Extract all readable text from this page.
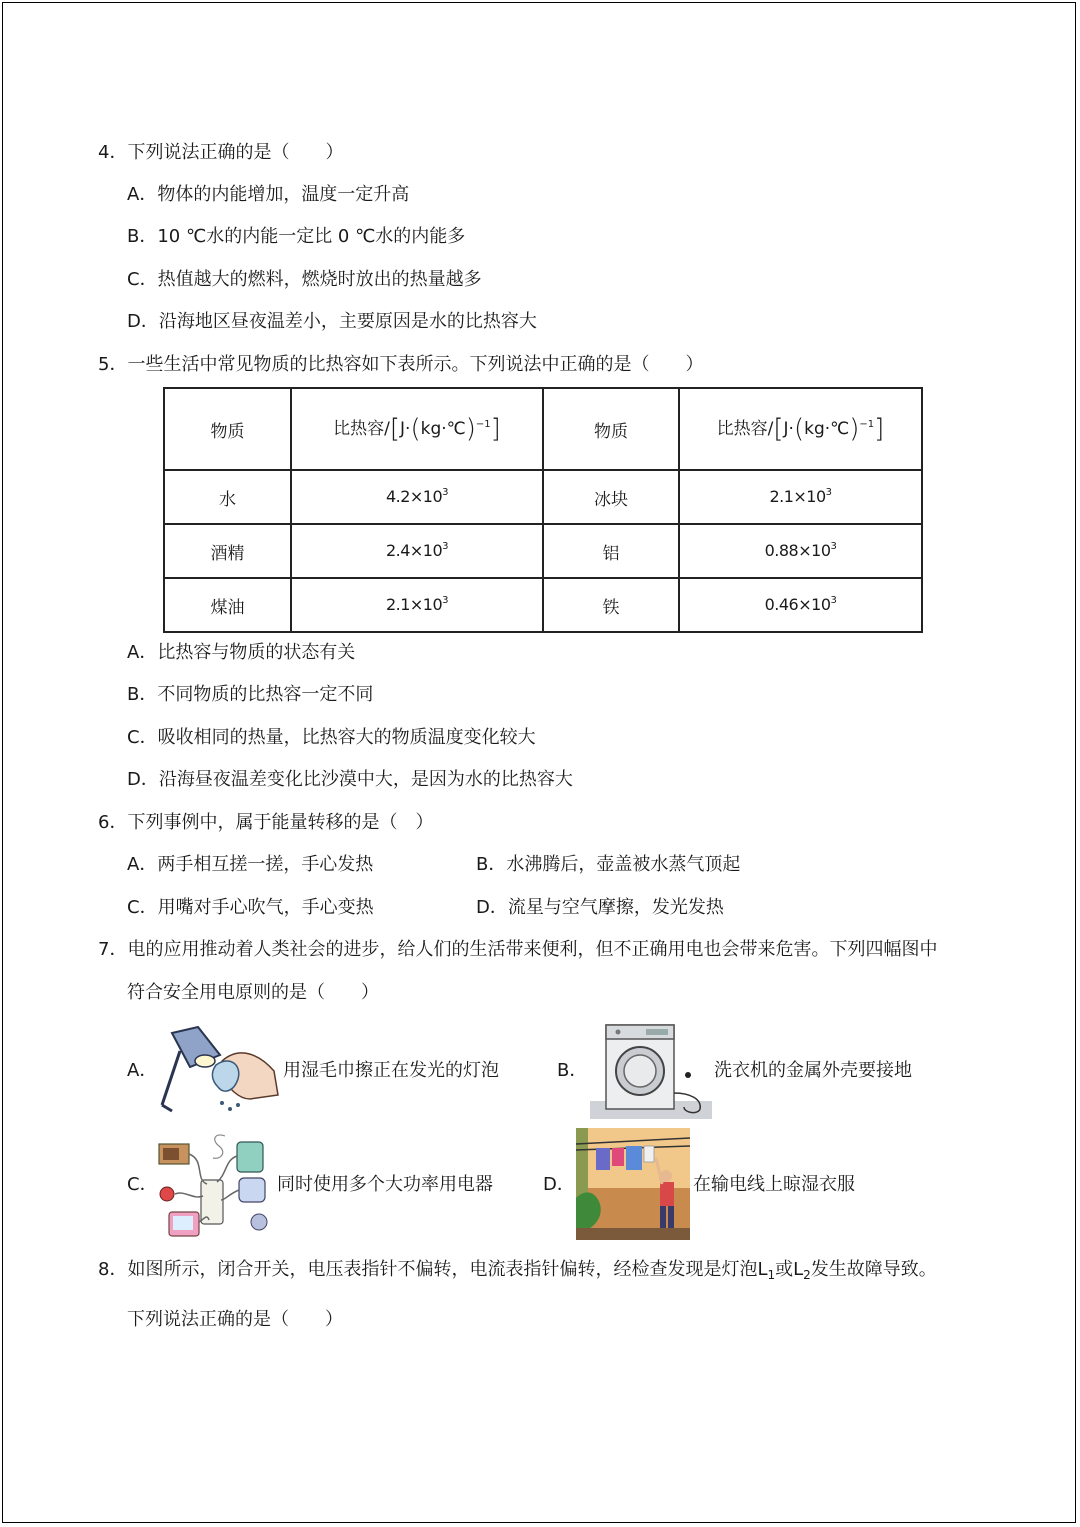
4．下列说法正确的是（　　）
A．物体的内能增加，温度一定升高
B．10 ℃水的内能一定比 0 ℃水的内能多
C．热值越大的燃料，燃烧时放出的热量越多
D．沿海地区昼夜温差小，主要原因是水的比热容大
5．一些生活中常见物质的比热容如下表所示。下列说法中正确的是（　　）
物质	比热容/[J·(kg·℃)$^{-1}$]	物质	比热容/[J·(kg·℃)$^{-1}$]
水	$4.2\times 10^3$	冰块	$2.1\times 10^3$
酒精	$2.4\times 10^3$	铝	$0.88\times 10^3$
煤油	$2.1\times 10^3$	铁	$0.46\times 10^3$
A．比热容与物质的状态有关
B．不同物质的比热容一定不同
C．吸收相同的热量，比热容大的物质温度变化较大
D．沿海昼夜温差变化比沙漠中大，是因为水的比热容大
6．下列事例中，属于能量转移的是（　）
A．两手相互搓一搓，手心发热	B．水沸腾后，壶盖被水蒸气顶起
C．用嘴对手心吹气，手心变热	D．流星与空气摩擦，发光发热
7．电的应用推动着人类社会的进步，给人们的生活带来便利，但不正确用电也会带来危害。下列四幅图中
符合安全用电原则的是（　　）
A．	用湿毛巾擦正在发光的灯泡	B．	洗衣机的金属外壳要接地
C．	同时使用多个大功率用电器	D．	在输电线上晾湿衣服
8．如图所示，闭合开关，电压表指针不偏转，电流表指针偏转，经检查发现是灯泡$L_1$或$L_2$发生故障导致。
下列说法正确的是（　　）
